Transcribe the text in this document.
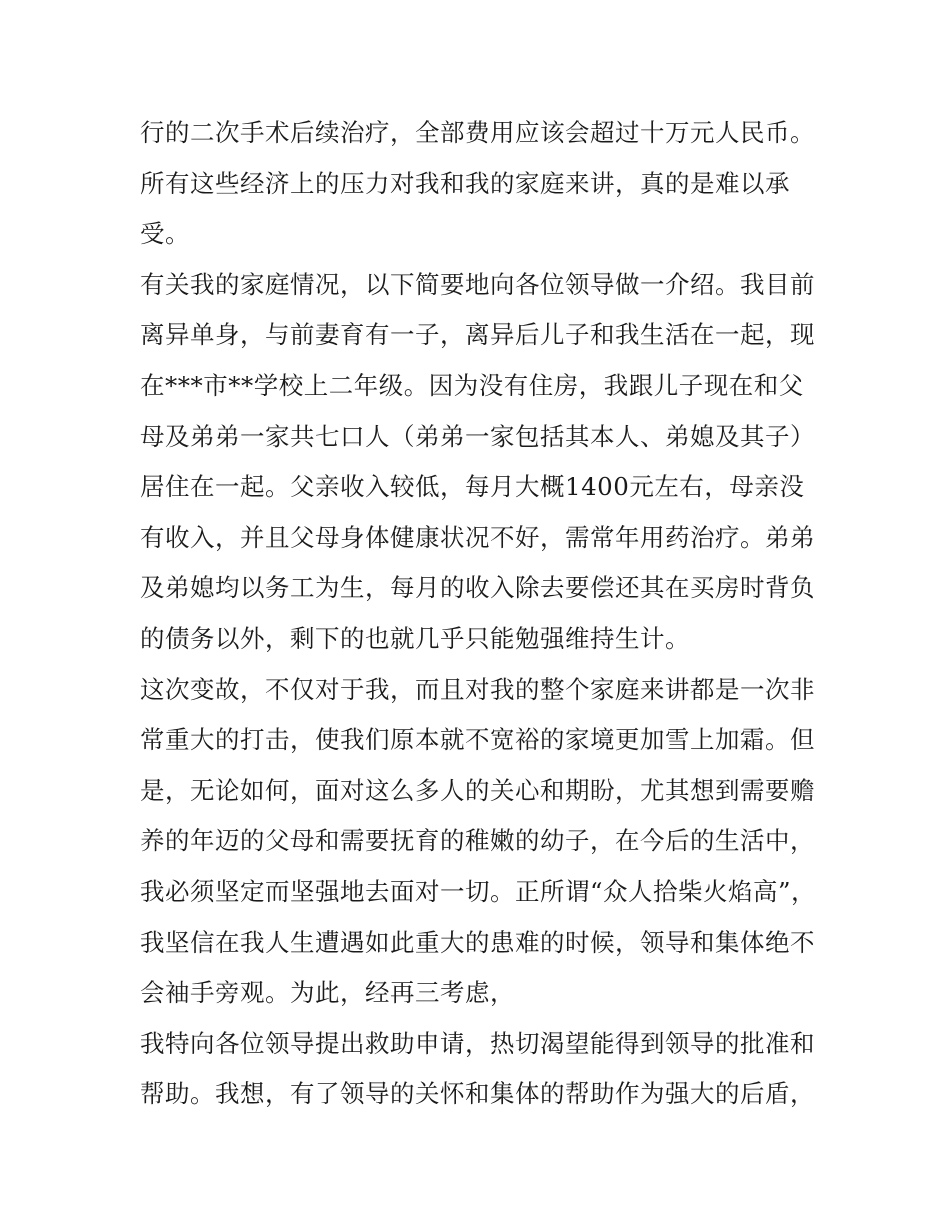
行的二次手术后续治疗，全部费用应该会超过十万元人民币。
所有这些经济上的压力对我和我的家庭来讲，真的是难以承
受。
有关我的家庭情况，以下简要地向各位领导做一介绍。我目前
离异单身，与前妻育有一子，离异后儿子和我生活在一起，现
在***市**学校上二年级。因为没有住房，我跟儿子现在和父
母及弟弟一家共七口人（弟弟一家包括其本人、弟媳及其子）
居住在一起。父亲收入较低，每月大概1400元左右，母亲没
有收入，并且父母身体健康状况不好，需常年用药治疗。弟弟
及弟媳均以务工为生，每月的收入除去要偿还其在买房时背负
的债务以外，剩下的也就几乎只能勉强维持生计。
这次变故，不仅对于我，而且对我的整个家庭来讲都是一次非
常重大的打击，使我们原本就不宽裕的家境更加雪上加霜。但
是，无论如何，面对这么多人的关心和期盼，尤其想到需要赡
养的年迈的父母和需要抚育的稚嫩的幼子，在今后的生活中，
我必须坚定而坚强地去面对一切。正所谓“众人拾柴火焰高”，
我坚信在我人生遭遇如此重大的患难的时候，领导和集体绝不
会袖手旁观。为此，经再三考虑，
我特向各位领导提出救助申请，热切渴望能得到领导的批准和
帮助。我想，有了领导的关怀和集体的帮助作为强大的后盾，
